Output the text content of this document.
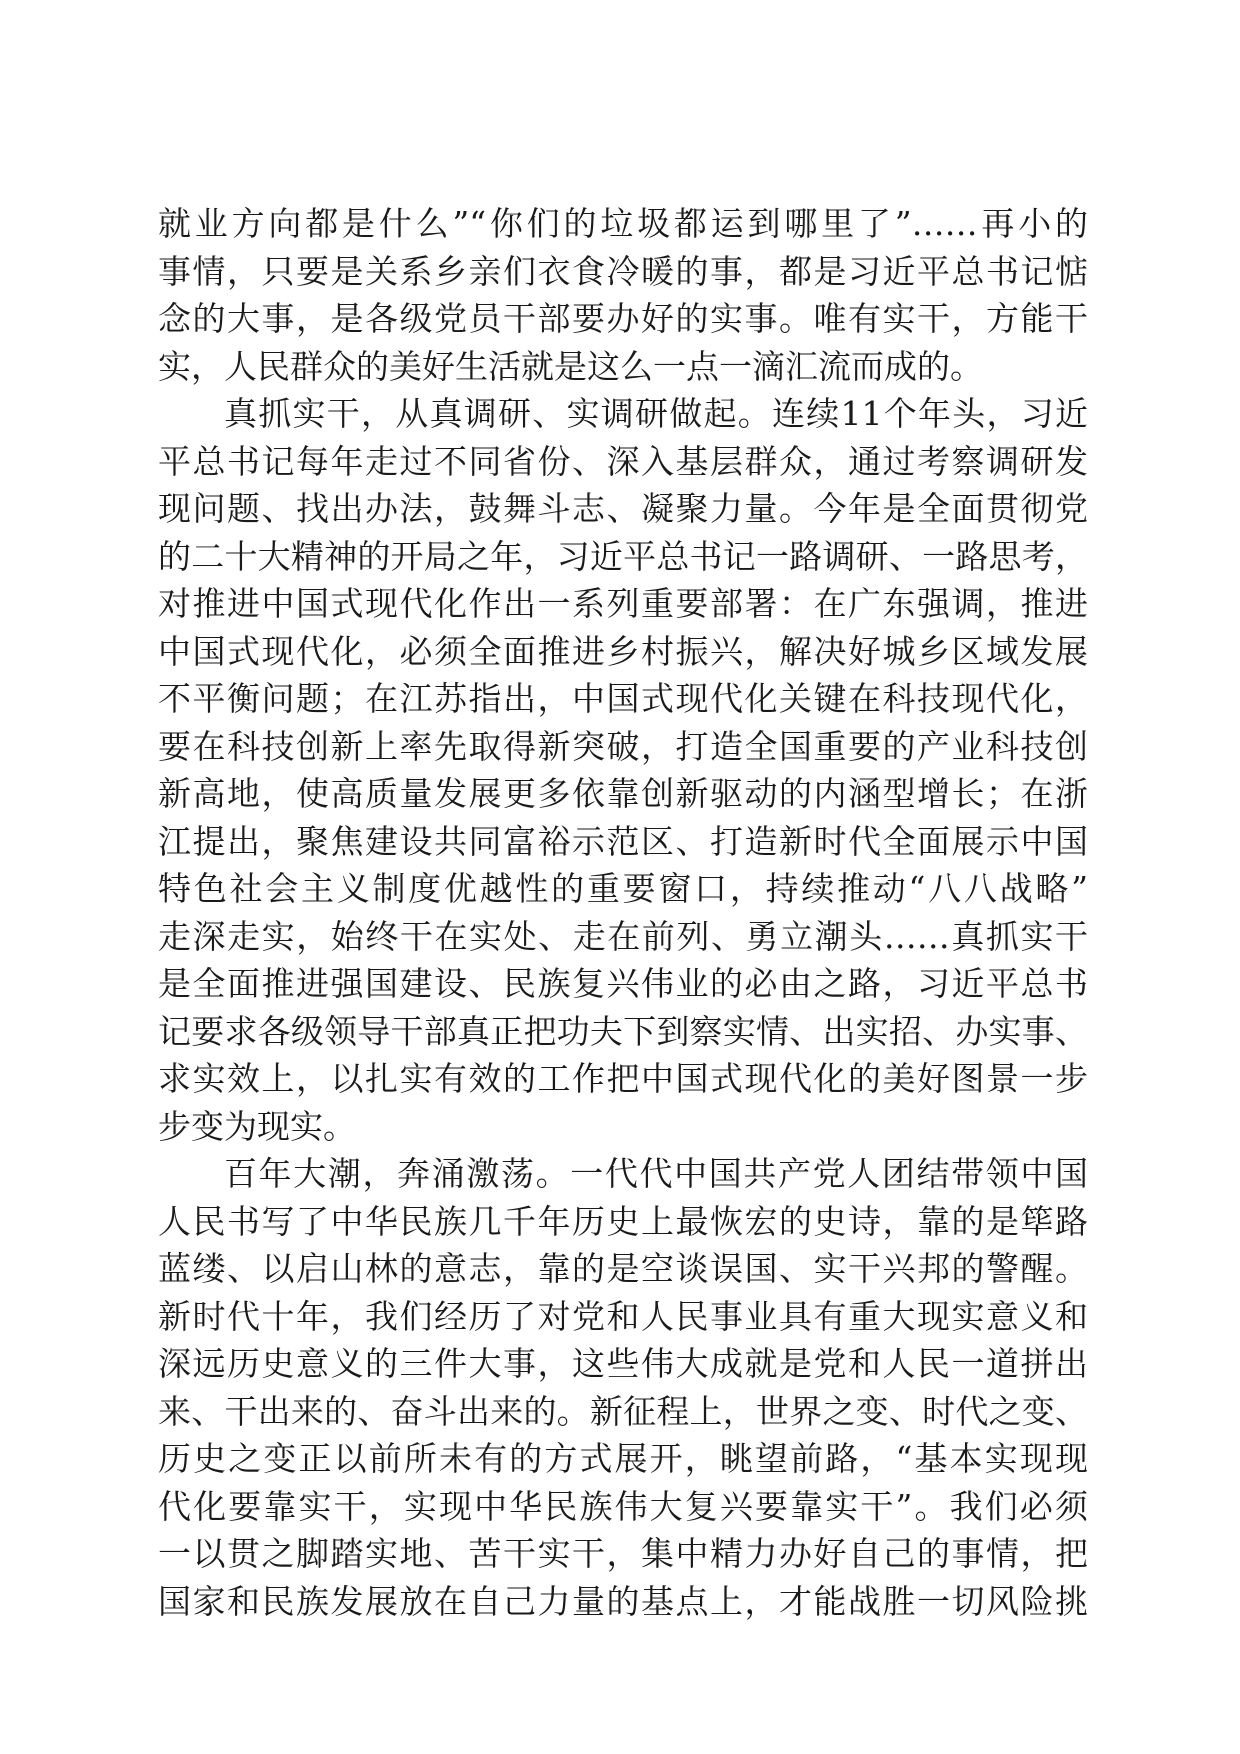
就业方向都是什么”“你们的垃圾都运到哪里了”……再小的
事情，只要是关系乡亲们衣食冷暖的事，都是习近平总书记惦
念的大事，是各级党员干部要办好的实事。唯有实干，方能干
实，人民群众的美好生活就是这么一点一滴汇流而成的。
真抓实干，从真调研、实调研做起。连续11个年头，习近
平总书记每年走过不同省份、深入基层群众，通过考察调研发
现问题、找出办法，鼓舞斗志、凝聚力量。今年是全面贯彻党
的二十大精神的开局之年，习近平总书记一路调研、一路思考，
对推进中国式现代化作出一系列重要部署：在广东强调，推进
中国式现代化，必须全面推进乡村振兴，解决好城乡区域发展
不平衡问题；在江苏指出，中国式现代化关键在科技现代化，
要在科技创新上率先取得新突破，打造全国重要的产业科技创
新高地，使高质量发展更多依靠创新驱动的内涵型增长；在浙
江提出，聚焦建设共同富裕示范区、打造新时代全面展示中国
特色社会主义制度优越性的重要窗口，持续推动“八八战略”
走深走实，始终干在实处、走在前列、勇立潮头……真抓实干
是全面推进强国建设、民族复兴伟业的必由之路，习近平总书
记要求各级领导干部真正把功夫下到察实情、出实招、办实事、
求实效上，以扎实有效的工作把中国式现代化的美好图景一步
步变为现实。
百年大潮，奔涌激荡。一代代中国共产党人团结带领中国
人民书写了中华民族几千年历史上最恢宏的史诗，靠的是筚路
蓝缕、以启山林的意志，靠的是空谈误国、实干兴邦的警醒。
新时代十年，我们经历了对党和人民事业具有重大现实意义和
深远历史意义的三件大事，这些伟大成就是党和人民一道拼出
来、干出来的、奋斗出来的。新征程上，世界之变、时代之变、
历史之变正以前所未有的方式展开，眺望前路，“基本实现现
代化要靠实干，实现中华民族伟大复兴要靠实干”。我们必须
一以贯之脚踏实地、苦干实干，集中精力办好自己的事情，把
国家和民族发展放在自己力量的基点上，才能战胜一切风险挑
